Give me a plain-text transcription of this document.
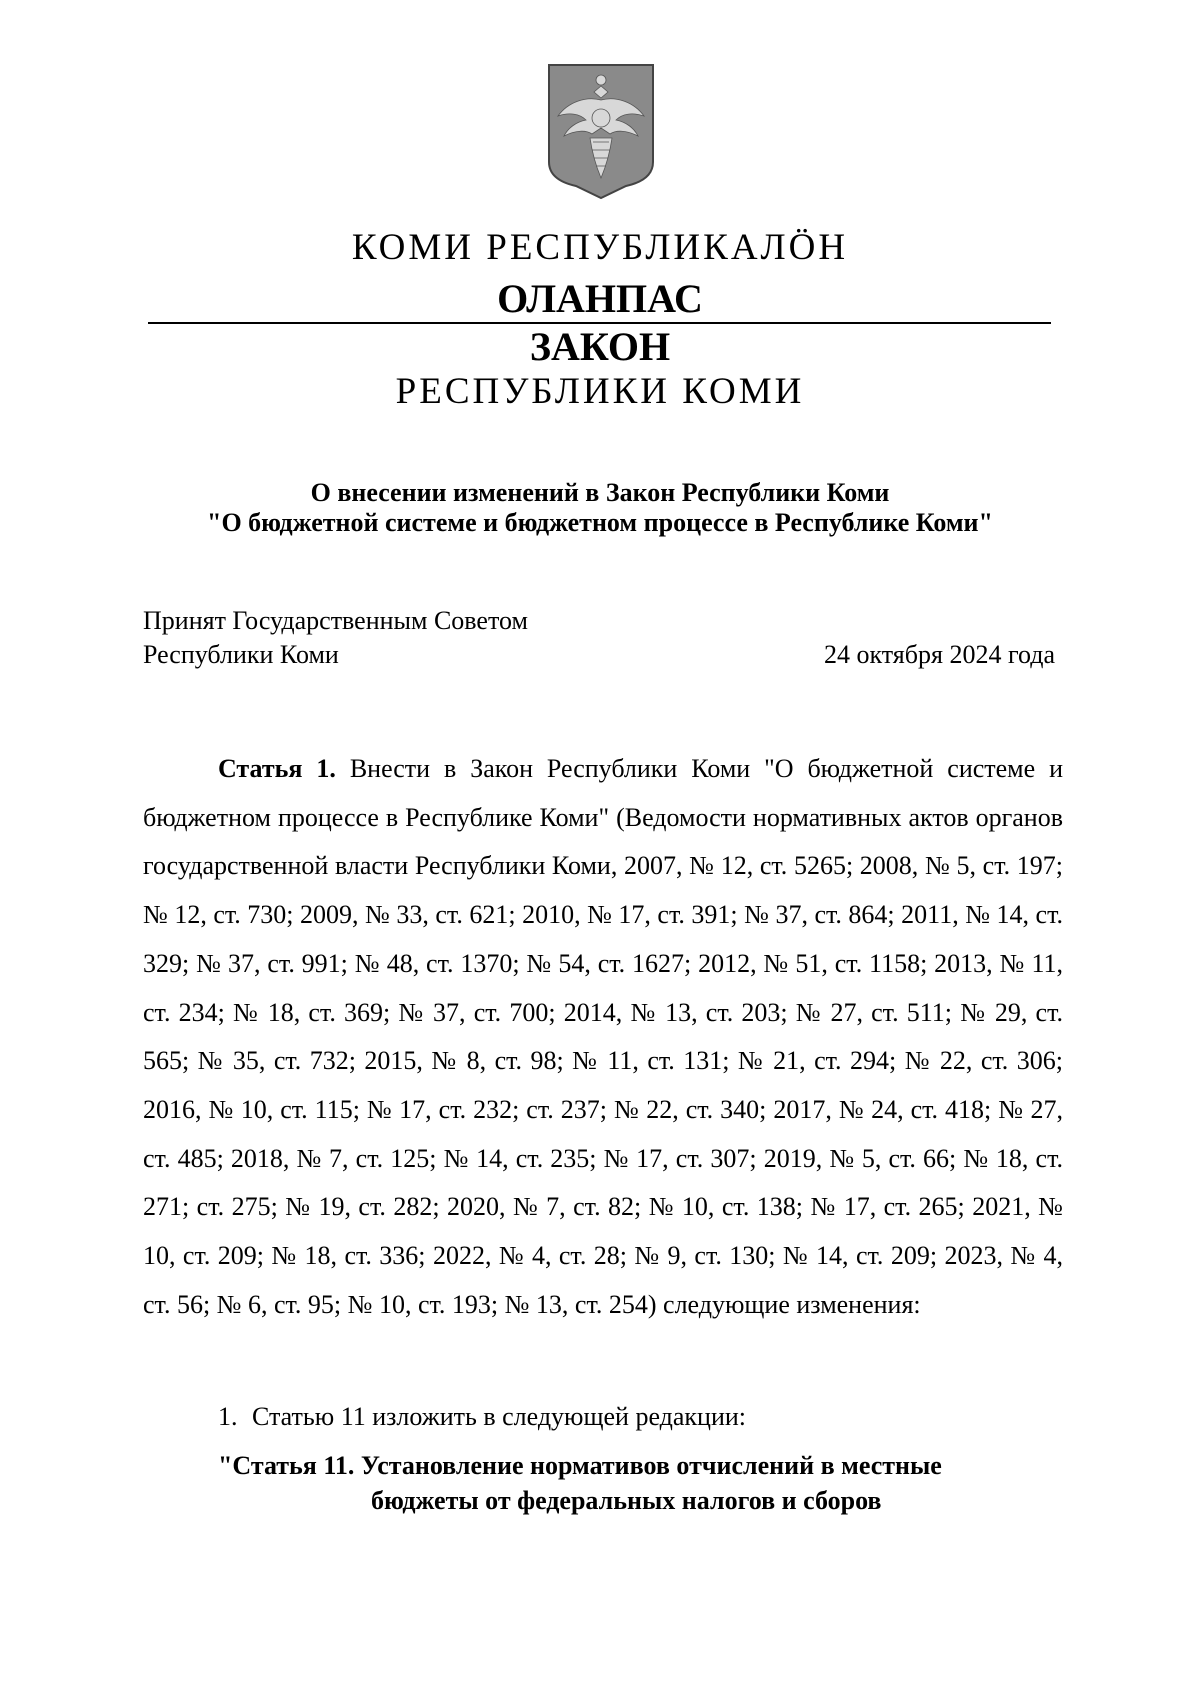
КОМИ РЕСПУБЛИКАЛÖН
ОЛАНПАС
ЗАКОН
РЕСПУБЛИКИ КОМИ
О внесении изменений в Закон Республики Коми
"О бюджетной системе и бюджетном процессе в Республике Коми"
Принят Государственным Советом
Республики Коми	24 октября 2024 года
Статья 1. Внести в Закон Республики Коми "О бюджетной системе и бюджетном процессе в Республике Коми" (Ведомости нормативных актов органов государственной власти Республики Коми, 2007, № 12, ст. 5265; 2008, № 5, ст. 197; № 12, ст. 730; 2009, № 33, ст. 621; 2010, № 17, ст. 391; № 37, ст. 864; 2011, № 14, ст. 329; № 37, ст. 991; № 48, ст. 1370; № 54, ст. 1627; 2012, № 51, ст. 1158; 2013, № 11, ст. 234; № 18, ст. 369; № 37, ст. 700; 2014, № 13, ст. 203; № 27, ст. 511; № 29, ст. 565; № 35, ст. 732; 2015, № 8, ст. 98; № 11, ст. 131; № 21, ст. 294; № 22, ст. 306; 2016, № 10, ст. 115; № 17, ст. 232; ст. 237; № 22, ст. 340; 2017, № 24, ст. 418; № 27, ст. 485; 2018, № 7, ст. 125; № 14, ст. 235; № 17, ст. 307; 2019, № 5, ст. 66; № 18, ст. 271; ст. 275; № 19, ст. 282; 2020, № 7, ст. 82; № 10, ст. 138; № 17, ст. 265; 2021, № 10, ст. 209; № 18, ст. 336; 2022, № 4, ст. 28; № 9, ст. 130; № 14, ст. 209; 2023, № 4, ст. 56; № 6, ст. 95; № 10, ст. 193; № 13, ст. 254) следующие изменения:
1. Статью 11 изложить в следующей редакции:
"Статья 11. Установление нормативов отчислений в местные
бюджеты от федеральных налогов и сборов
